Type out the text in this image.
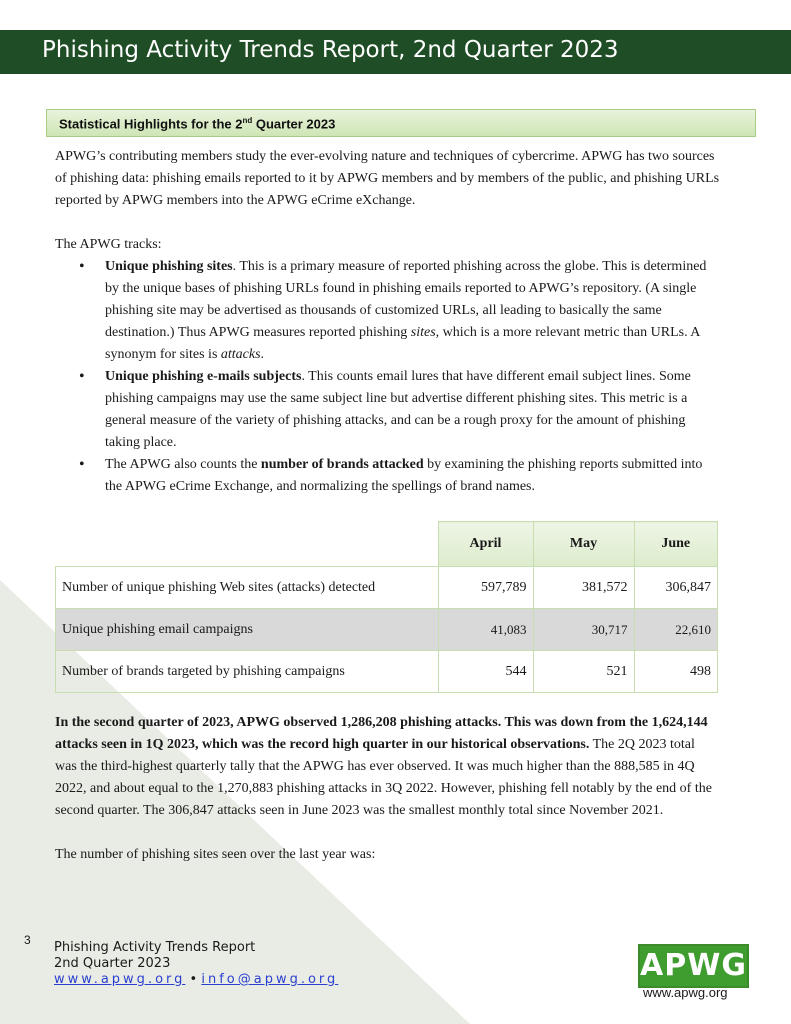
Phishing Activity Trends Report, 2nd Quarter 2023
Statistical Highlights for the 2nd Quarter 2023

APWG’s contributing members study the ever-evolving nature and techniques of cybercrime. APWG has two sources of phishing data: phishing emails reported to it by APWG members and by members of the public, and phishing URLs reported by APWG members into the APWG eCrime eXchange.

The APWG tracks:

• Unique phishing sites. This is a primary measure of reported phishing across the globe. This is determined by the unique bases of phishing URLs found in phishing emails reported to APWG’s repository. (A single phishing site may be advertised as thousands of customized URLs, all leading to basically the same destination.) Thus APWG measures reported phishing sites, which is a more relevant metric than URLs. A synonym for sites is attacks.
• Unique phishing e-mails subjects. This counts email lures that have different email subject lines. Some phishing campaigns may use the same subject line but advertise different phishing sites. This metric is a general measure of the variety of phishing attacks, and can be a rough proxy for the amount of phishing taking place.
• The APWG also counts the number of brands attacked by examining the phishing reports submitted into the APWG eCrime Exchange, and normalizing the spellings of brand names.
	April	May	June
Number of unique phishing Web sites (attacks) detected	597,789	381,572	306,847
Unique phishing email campaigns	41,083	30,717	22,610
Number of brands targeted by phishing campaigns	544	521	498

In the second quarter of 2023, APWG observed 1,286,208 phishing attacks. This was down from the 1,624,144 attacks seen in 1Q 2023, which was the record high quarter in our historical observations. The 2Q 2023 total was the third-highest quarterly tally that the APWG has ever observed. It was much higher than the 888,585 in 4Q 2022, and about equal to the 1,270,883 phishing attacks in 3Q 2022. However, phishing fell notably by the end of the second quarter. The 306,847 attacks seen in June 2023 was the smallest monthly total since November 2021.

The number of phishing sites seen over the last year was:

3 Phishing Activity Trends Report
2nd Quarter 2023
www.apwg.org • info@apwg.org	APWG
www.apwg.org
